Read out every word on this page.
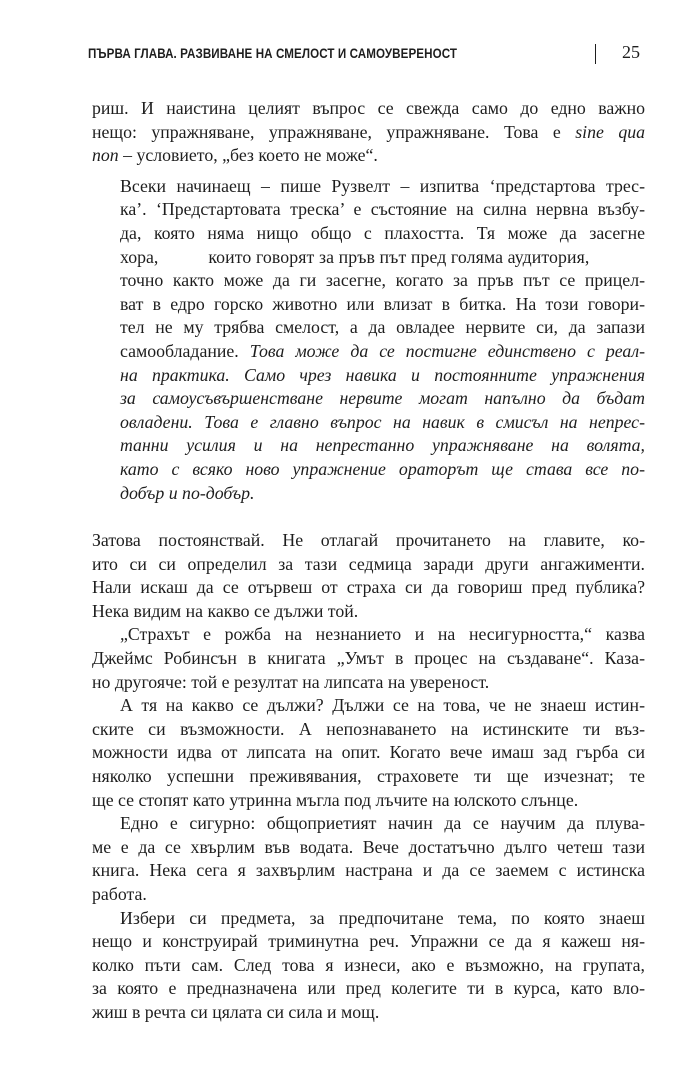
ПЪРВА ГЛАВА. РАЗВИВАНЕ НА СМЕЛОСТ И САМОУВЕРЕНОСТ	25
риш. И наистина целият въпрос се свежда само до едно важно
нещо: упражняване, упражняване, упражняване. Това е sine qua
non – условието, „без което не може“.
Всеки начинаещ – пише Рузвелт – изпитва ‘предстартова трес-
ка’. ‘Предстартовата треска’ е състояние на силна нервна възбу-
да, която няма нищо общо с плахостта. Тя може да засегне
хора,	които говорят за пръв път пред голяма аудитория,
точно както може да ги засегне, когато за пръв път се прицел-
ват в едро горско животно или влизат в битка. На този говори-
тел не му трябва смелост, а да овладее нервите си, да запази
самообладание. Това може да се постигне единствено с реал-
на практика. Само чрез навика и постоянните упражнения
за самоусъвършенстване нервите могат напълно да бъдат
овладени. Това е главно въпрос на навик в смисъл на непрес-
танни усилия и на непрестанно упражняване на волята,
като с всяко ново упражнение ораторът ще става все по-
добър и по-добър.
Затова постоянствай. Не отлагай прочитането на главите, ко-
ито си си определил за тази седмица заради други ангажименти.
Нали искаш да се отървеш от страха си да говориш пред публика?
Нека видим на какво се дължи той.
„Страхът е рожба на незнанието и на несигурността,“ казва
Джеймс Робинсън в книгата „Умът в процес на създаване“. Каза-
но другояче: той е резултат на липсата на увереност.
А тя на какво се дължи? Дължи се на това, че не знаеш истин-
ските си възможности. А непознаването на истинските ти въз-
можности идва от липсата на опит. Когато вече имаш зад гърба си
няколко успешни преживявания, страховете ти ще изчезнат; те
ще се стопят като утринна мъгла под лъчите на юлското слънце.
Едно е сигурно: общоприетият начин да се научим да плува-
ме е да се хвърлим във водата. Вече достатъчно дълго четеш тази
книга. Нека сега я захвърлим настрана и да се заемем с истинска
работа.
Избери си предмета, за предпочитане тема, по която знаеш
нещо и конструирай триминутна реч. Упражни се да я кажеш ня-
колко пъти сам. След това я изнеси, ако е възможно, на групата,
за която е предназначена или пред колегите ти в курса, като вло-
жиш в речта си цялата си сила и мощ.
